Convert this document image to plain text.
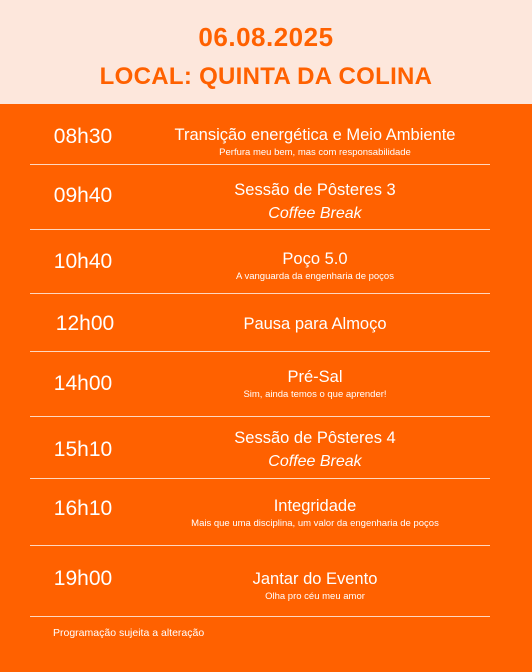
06.08.2025
LOCAL: QUINTA DA COLINA
08h30	Transição energética e Meio Ambiente
Perfura meu bem, mas com responsabilidade
09h40	Sessão de Pôsteres 3
Coffee Break
10h40	Poço 5.0
A vanguarda da engenharia de poços
12h00	Pausa para Almoço
14h00	Pré-Sal
Sim, ainda temos o que aprender!
15h10	Sessão de Pôsteres 4
Coffee Break
16h10	Integridade
Mais que uma disciplina, um valor da engenharia de poços
19h00	Jantar do Evento
Olha pro céu meu amor
Programação sujeita a alteração
